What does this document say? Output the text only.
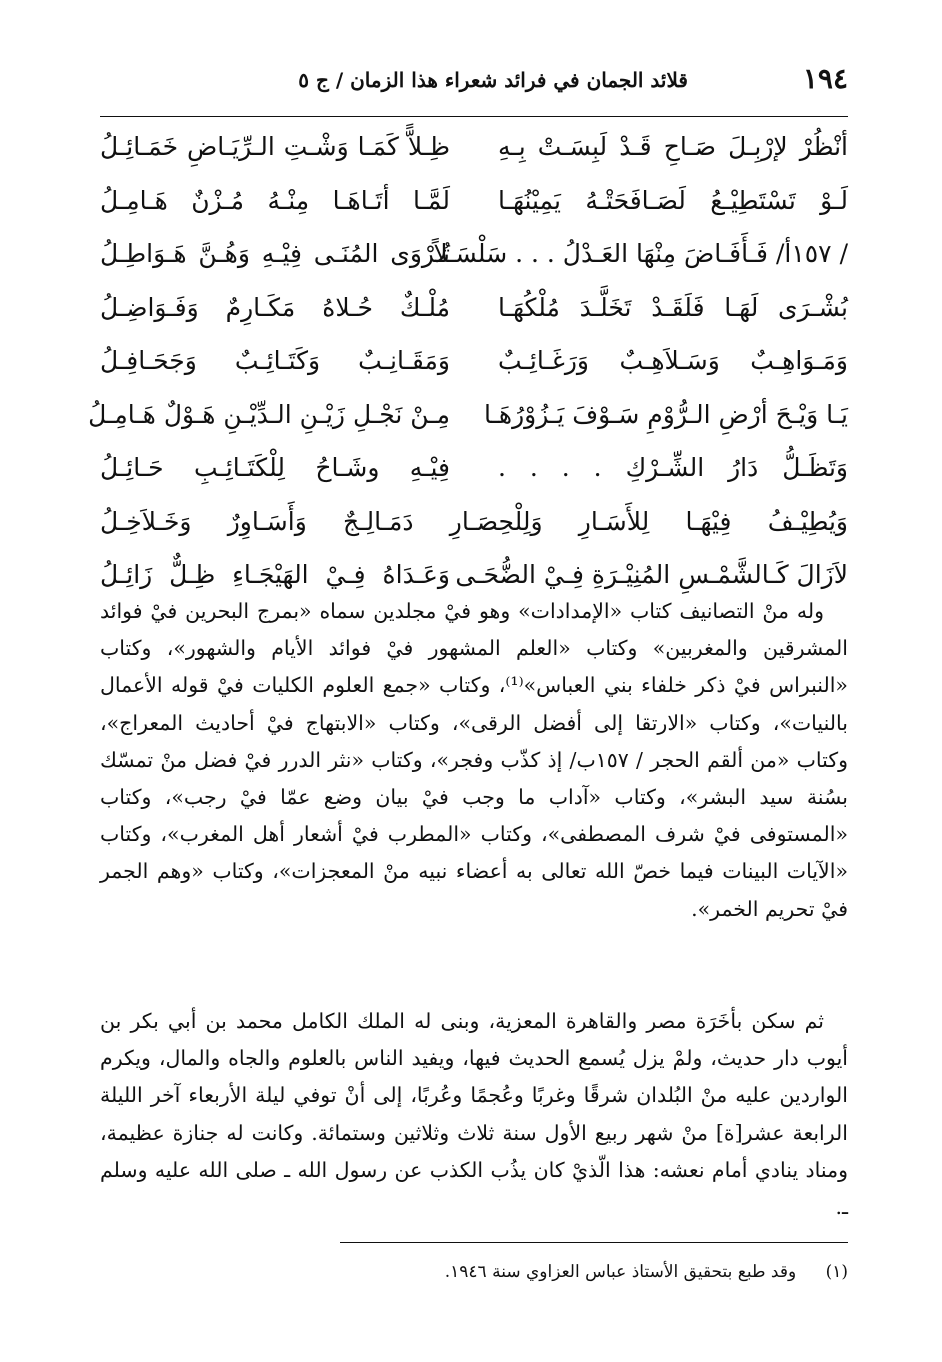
١٩٤
قلائد الجمان في فرائد شعراء هذا الزمان / ج ٥
أنْظُرْ لإرْبِـلَ صَـاحِ قَـدْ لَبِسَـتْ بِـهِ
ظِـلاًّ كَمَـا وَشْـتِ الـرِّيَـاضِ خَمَـائِـلُ
لَـوْ تَسْتَطِيْـعُ لَصَـافَحَتْـهُ يَمِيْنُهَـا
لَمَّـا أتَـاهَـا مِنْـهُ مُـزْنٌ هَـامِـلُ
/ ١٥٧أ/ فَـأَفَـاضَ مِنْهَا العَـدْلُ . . . سَلْسَـلاً
تُـرْوَى المُنَـى فِيْـهِ وَهُـنَّ هَـوَاطِـلُ
بُشْـرَى لَهَـا فَلَقَـدْ تَخَلَّـدَ مُلْكُهَـا
مُلْـكٌ حُـلاهُ مَكَـارِمٌ وَفَـوَاضِـلُ
وَمَـوَاهِـبٌ وَسَـلاَهِـبٌ وَرَغَـائِـبٌ
وَمَقَـانِـبٌ وَكَتَـائِـبٌ وَجَحَـافِـلُ
يَـا وَيْـحَ أرْضِ الـرُّوْمِ سَـوْفَ يَـزُوْرُهَـا
مِـنْ نَجْـلِ زَيْـنِ الـدِّيْـنِ هَـوْلٌ هَـامِـلُ
وَتَظَـلُّ دَارُ الشِّـرْكِ . . . .
فِيْـهِ وشَـاحُ لِلْكَتَـائِـبِ حَـائِـلُ
وَيُطِيْـفُ فِيْهَـا لِلأَسَـارِ وَلِلْحِصَـارِ دَمَـالِـجٌ وَأَسَـاوِرٌ وَخَـلاَخِـلُ
لاَزَالَ كَـالشَّمْـسِ المُنِيْـرَةِ فِـيْ الضُّحَـى
وَعَـدَاهُ فِـيْ الهَيْجَـاءِ ظِـلٌّ زَائِـلُ

وله منْ التصانيف كتاب «الإمدادات» وهو فيْ مجلدين سماه «بمرج البحرين فيْ فوائد المشرقين والمغربين» وكتاب «العلم المشهور فيْ فوائد الأيام والشهور»، وكتاب «النبراس فيْ ذكر خلفاء بني العباس»⁽¹⁾، وكتاب «جمع العلوم الكليات فيْ قوله الأعمال بالنيات»، وكتاب «الارتقا إلى أفضل الرقى»، وكتاب «الابتهاج فيْ أحاديث المعراج»، وكتاب «من ألقم الحجر / ١٥٧ب/ إذ كذّب وفجر»، وكتاب «نثر الدرر فيْ فضل منْ تمسّك بسُنة سيد البشر»، وكتاب «آداب ما وجب فيْ بيان وضع عمّا فيْ رجب»، وكتاب «المستوفى فيْ شرف المصطفى»، وكتاب «المطرب فيْ أشعار أهل المغرب»، وكتاب «الآيات البينات فيما خصّ الله تعالى به أعضاء نبيه منْ المعجزات»، وكتاب «وهم الجمر فيْ تحريم الخمر».

ثم سكن بأخَرَة مصر والقاهرة المعزية، وبنى له الملك الكامل محمد بن أبي بكر بن أيوب دار حديث، ولمْ يزل يُسمع الحديث فيها، ويفيد الناس بالعلوم والجاه والمال، ويكرم الواردين عليه منْ البُلدان شرقًا وغربًا وعُجمًا وعُربًا، إلى أنْ توفي ليلة الأربعاء آخر الليلة الرابعة عشر[ة] منْ شهر ربيع الأول سنة ثلاث وثلاثين وستمائة. وكانت له جنازة عظيمة، ومناد ينادي أمام نعشه: هذا الّذيْ كان يذُب الكذب عن رسول الله ـ صلى الله عليه وسلم ـ.

(١) وقد طبع بتحقيق الأستاذ عباس العزاوي سنة ١٩٤٦.
